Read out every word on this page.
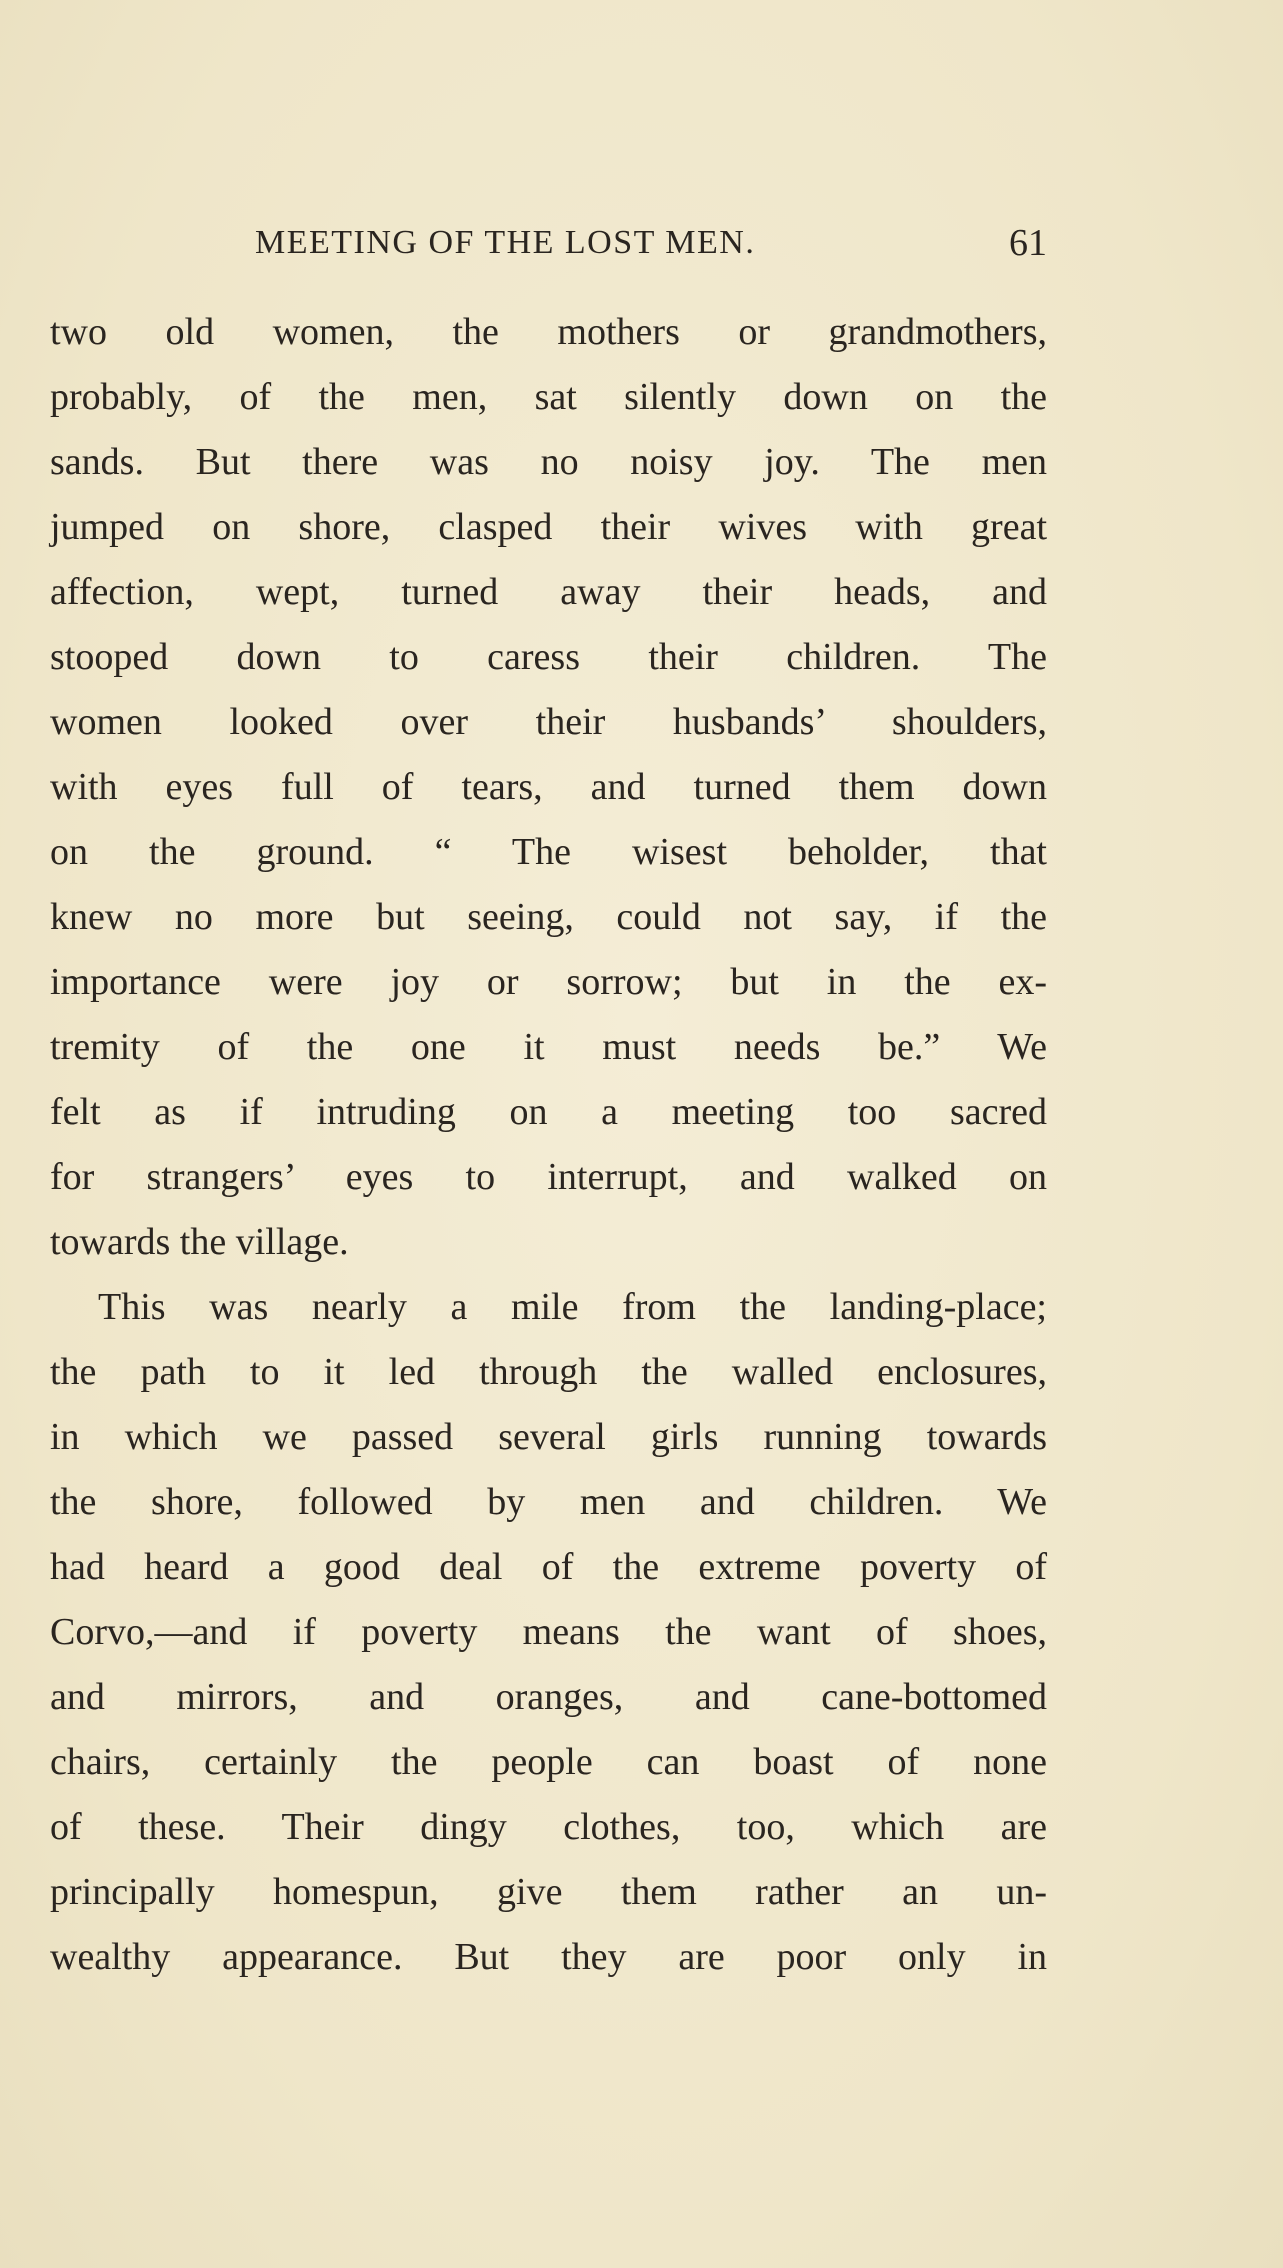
MEETING OF THE LOST MEN.	61
two old women, the mothers or grandmothers,
probably, of the men, sat silently down on the
sands. But there was no noisy joy. The men
jumped on shore, clasped their wives with great
affection, wept, turned away their heads, and
stooped down to caress their children. The
women looked over their husbands’ shoulders,
with eyes full of tears, and turned them down
on the ground. “ The wisest beholder, that
knew no more but seeing, could not say, if the
importance were joy or sorrow; but in the ex-
tremity of the one it must needs be.” We
felt as if intruding on a meeting too sacred
for strangers’ eyes to interrupt, and walked on
towards the village.
This was nearly a mile from the landing-place;
the path to it led through the walled enclosures,
in which we passed several girls running towards
the shore, followed by men and children. We
had heard a good deal of the extreme poverty of
Corvo,—and if poverty means the want of shoes,
and mirrors, and oranges, and cane-bottomed
chairs, certainly the people can boast of none
of these. Their dingy clothes, too, which are
principally homespun, give them rather an un-
wealthy appearance. But they are poor only in
